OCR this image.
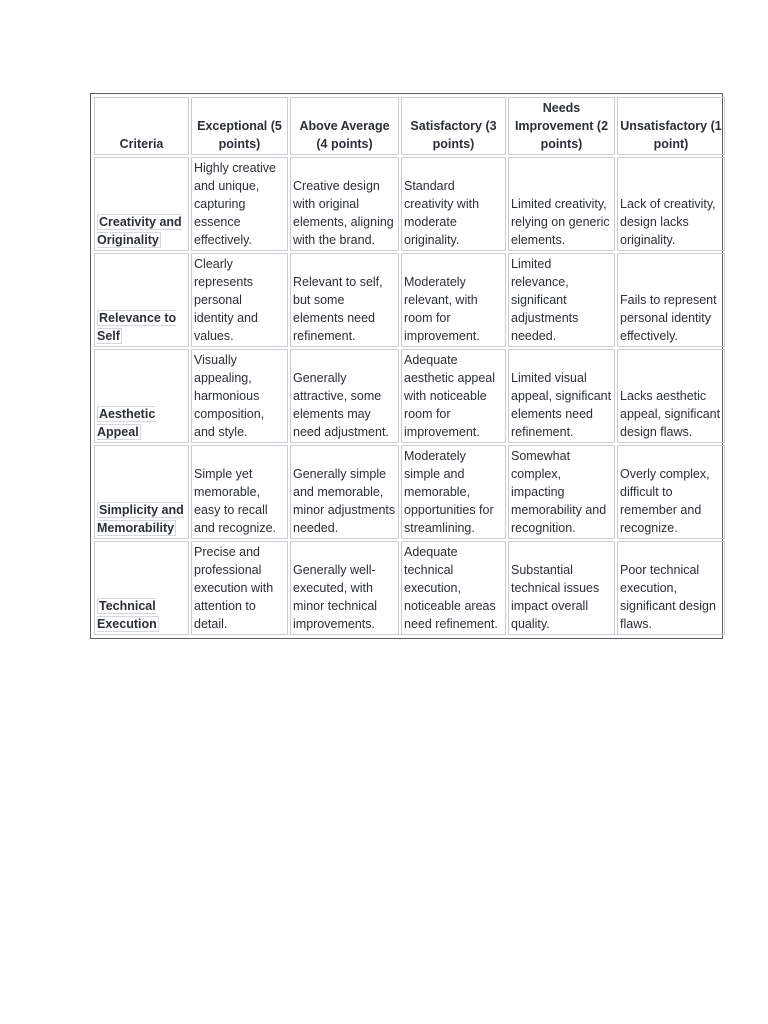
Criteria	Exceptional (5 points)	Above Average (4 points)	Satisfactory (3 points)	Needs Improvement (2 points)	Unsatisfactory (1 point)
Creativity and Originality	Highly creative and unique, capturing essence effectively.	Creative design with original elements, aligning with the brand.	Standard creativity with moderate originality.	Limited creativity, relying on generic elements.	Lack of creativity, design lacks originality.
Relevance to Self	Clearly represents personal identity and values.	Relevant to self, but some elements need refinement.	Moderately relevant, with room for improvement.	Limited relevance, significant adjustments needed.	Fails to represent personal identity effectively.
Aesthetic Appeal	Visually appealing, harmonious composition, and style.	Generally attractive, some elements may need adjustment.	Adequate aesthetic appeal with noticeable room for improvement.	Limited visual appeal, significant elements need refinement.	Lacks aesthetic appeal, significant design flaws.
Simplicity and Memorability	Simple yet memorable, easy to recall and recognize.	Generally simple and memorable, minor adjustments needed.	Moderately simple and memorable, opportunities for streamlining.	Somewhat complex, impacting memorability and recognition.	Overly complex, difficult to remember and recognize.
Technical Execution	Precise and professional execution with attention to detail.	Generally well-executed, with minor technical improvements.	Adequate technical execution, noticeable areas need refinement.	Substantial technical issues impact overall quality.	Poor technical execution, significant design flaws.
